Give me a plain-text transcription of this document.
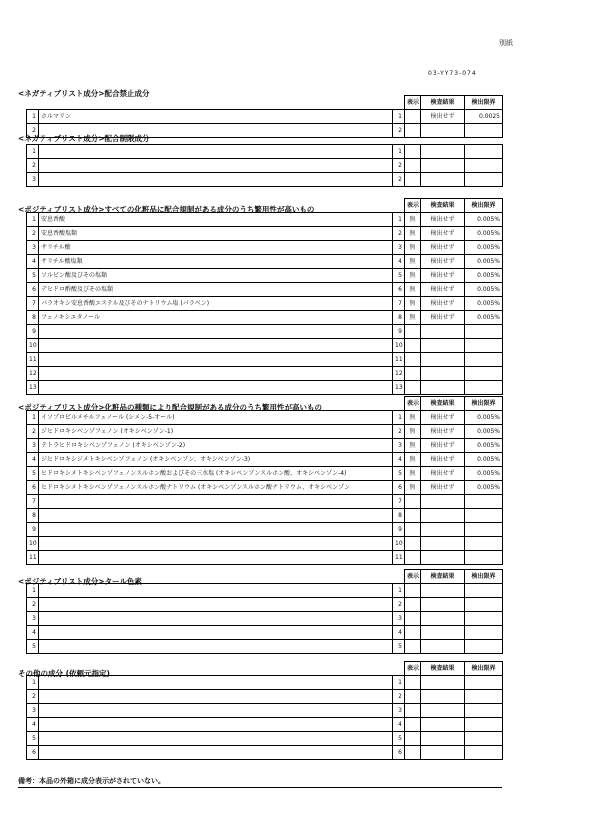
別紙
03-YY73-074
<ネガティブリスト成分>配合禁止成分
			表示	検査結果	検出限界
1	ホルマリン	1		検出せず	0.0025
2		2			
<ネガティブリスト成分>配合制限成分
1		1			
2		2			
3		2			
<ポジティブリスト成分>すべての化粧品に配合規制がある成分のうち繁用性が高いもの
			表示	検査結果	検出限界
1	安息香酸	1	無	検出せず	0.005%
2	安息香酸塩類	2	無	検出せず	0.005%
3	サリチル酸	3	無	検出せず	0.005%
4	サリチル酸塩類	4	無	検出せず	0.005%
5	ソルビン酸及びその塩類	5	無	検出せず	0.005%
6	デヒドロ酢酸及びその塩類	6	無	検出せず	0.005%
7	パラオキシ安息香酸エステル及びそのナトリウム塩 (パラベン)	7	無	検出せず	0.005%
8	フェノキシエタノール	8	無	検出せず	0.005%
9		9			
10		10			
11		11			
12		12			
13		13			
<ポジティブリスト成分>化粧品の種類により配合規制がある成分のうち繁用性が高いもの
			表示	検査結果	検出限界
1	イソプロピルメチルフェノール (シメン-5-オール)	1	無	検出せず	0.005%
2	ジヒドロキシベンゾフェノン (オキシベンゾン-1)	2	無	検出せず	0.005%
3	テトラヒドロキシベンゾフェノン (オキシベンゾン-2)	3	無	検出せず	0.005%
4	ジヒドロキシジメトキシベンゾフェノン (オキシベンゾン、オキシベンゾン-3)	4	無	検出せず	0.005%
5	ヒドロキシメトキシベンゾフェノンスルホン酸およびその三水塩 (オキシベンゾンスルホン酸、オキシベンゾン-4)	5	無	検出せず	0.005%
6	ヒドロキシメトキシベンゾフェノンスルホン酸ナトリウム (オキシベンゾンスルホン酸ナトリウム、オキシベンゾン	6	無	検出せず	0.005%
7		7			
8		8			
9		9			
10		10			
11		11			
<ポジティブリスト成分>タール色素
			表示	検査結果	検出限界
1		1			
2		2			
3		3			
4		4			
5		5			
その他の成分 (依頼元指定)
			表示	検査結果	検出限界
1		1			
2		2			
3		3			
4		4			
5		5			
6		6			
備考：本品の外箱に成分表示がされていない。
